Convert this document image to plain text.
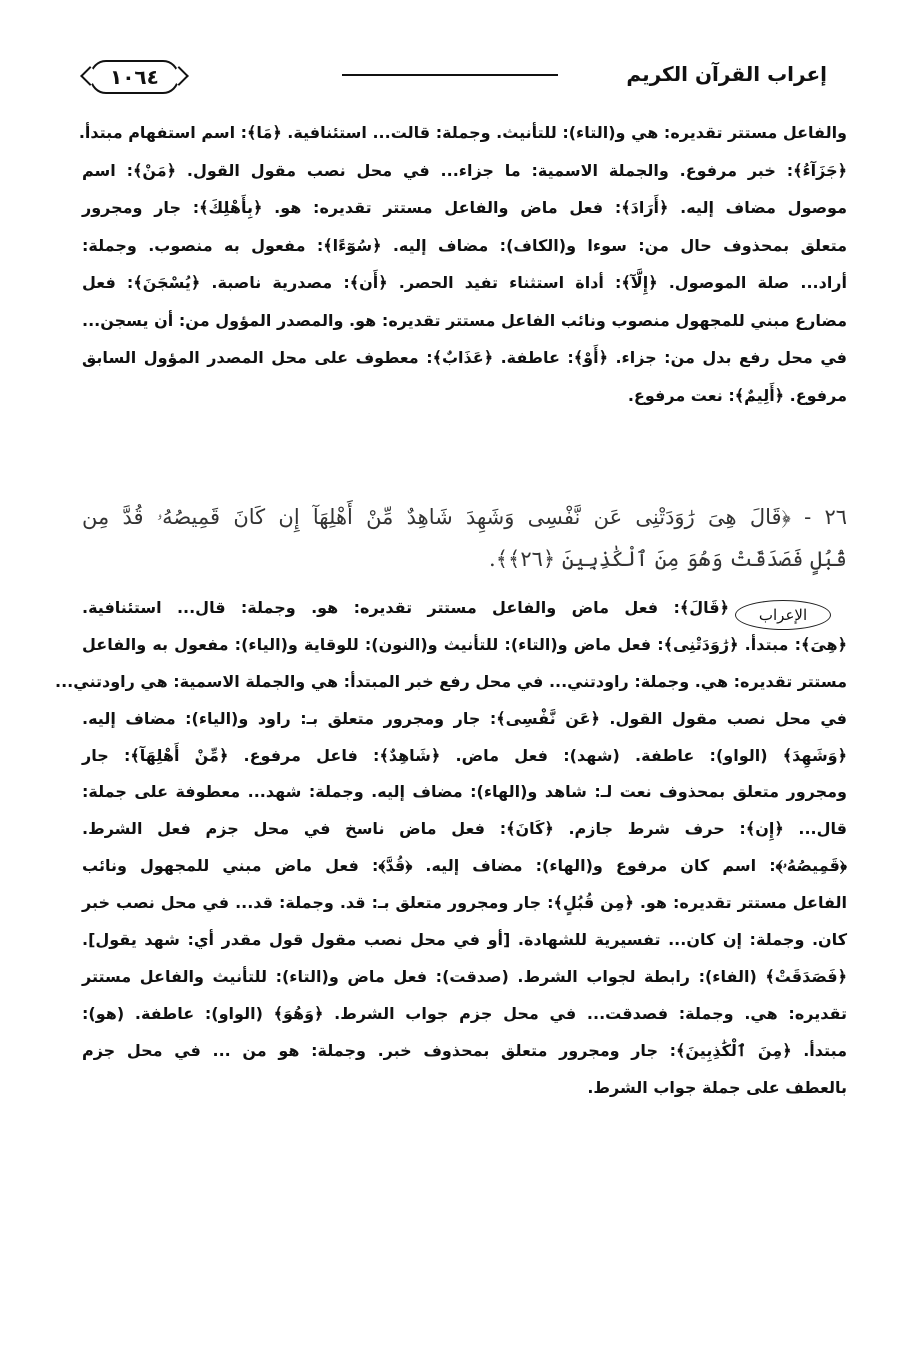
١٠٦٤	إعراب القرآن الكريم
والفاعل مستتر تقديره: هي و(التاء): للتأنيث. وجملة: قالت... استئنافية. ﴿مَا﴾: اسم استفهام مبتدأ.
﴿جَزَآءُ﴾: خبر مرفوع. والجملة الاسمية: ما جزاء... في محل نصب مقول القول. ﴿مَنْ﴾: اسم
موصول مضاف إليه. ﴿أَرَادَ﴾: فعل ماض والفاعل مستتر تقديره: هو. ﴿بِأَهْلِكَ﴾: جار ومجرور
متعلق بمحذوف حال من: سوءا و(الكاف): مضاف إليه. ﴿سُوٓءًا﴾: مفعول به منصوب. وجملة:
أراد... صلة الموصول. ﴿إِلَّآ﴾: أداة استثناء تفيد الحصر. ﴿أَن﴾: مصدرية ناصبة. ﴿يُسْجَنَ﴾: فعل
مضارع مبني للمجهول منصوب ونائب الفاعل مستتر تقديره: هو. والمصدر المؤول من: أن يسجن...
في محل رفع بدل من: جزاء. ﴿أَوْ﴾: عاطفة. ﴿عَذَابٌ﴾: معطوف على محل المصدر المؤول السابق
مرفوع. ﴿أَلِيمٌ﴾: نعت مرفوع.
٢٦ - ﴿قَالَ هِىَ رَٰوَدَتْنِى عَن نَّفْسِى وَشَهِدَ شَاهِدٌ مِّنْ أَهْلِهَآ إِن كَانَ قَمِيصُهُۥ قُدَّ مِن
قُبُلٍ فَصَدَقَتْ وَهُوَ مِنَ ٱلْكَٰذِبِينَ ﴿٢٦﴾﴾.
الإعراب
﴿قَالَ﴾: فعل ماض والفاعل مستتر تقديره: هو. وجملة: قال... استئنافية.
﴿هِىَ﴾: مبتدأ. ﴿رَٰوَدَتْنِى﴾: فعل ماض و(التاء): للتأنيث و(النون): للوقاية و(الياء): مفعول به والفاعل
مستتر تقديره: هي. وجملة: راودتني... في محل رفع خبر المبتدأ: هي والجملة الاسمية: هي راودتني...
في محل نصب مقول القول. ﴿عَن نَّفْسِى﴾: جار ومجرور متعلق بـ: راود و(الياء): مضاف إليه.
﴿وَشَهِدَ﴾ (الواو): عاطفة. (شهد): فعل ماض. ﴿شَاهِدٌ﴾: فاعل مرفوع. ﴿مِّنْ أَهْلِهَآ﴾: جار
ومجرور متعلق بمحذوف نعت لـ: شاهد و(الهاء): مضاف إليه. وجملة: شهد... معطوفة على جملة:
قال... ﴿إِن﴾: حرف شرط جازم. ﴿كَانَ﴾: فعل ماض ناسخ في محل جزم فعل الشرط.
﴿قَمِيصُهُۥ﴾: اسم كان مرفوع و(الهاء): مضاف إليه. ﴿قُدَّ﴾: فعل ماض مبني للمجهول ونائب
الفاعل مستتر تقديره: هو. ﴿مِن قُبُلٍ﴾: جار ومجرور متعلق بـ: قد. وجملة: قد... في محل نصب خبر
كان. وجملة: إن كان... تفسيرية للشهادة. [أو في محل نصب مقول قول مقدر أي: شهد يقول].
﴿فَصَدَقَتْ﴾ (الفاء): رابطة لجواب الشرط. (صدقت): فعل ماض و(التاء): للتأنيث والفاعل مستتر
تقديره: هي. وجملة: فصدقت... في محل جزم جواب الشرط. ﴿وَهُوَ﴾ (الواو): عاطفة. (هو):
مبتدأ. ﴿مِنَ ٱلْكَٰذِبِينَ﴾: جار ومجرور متعلق بمحذوف خبر. وجملة: هو من ... في محل جزم
بالعطف على جملة جواب الشرط.
